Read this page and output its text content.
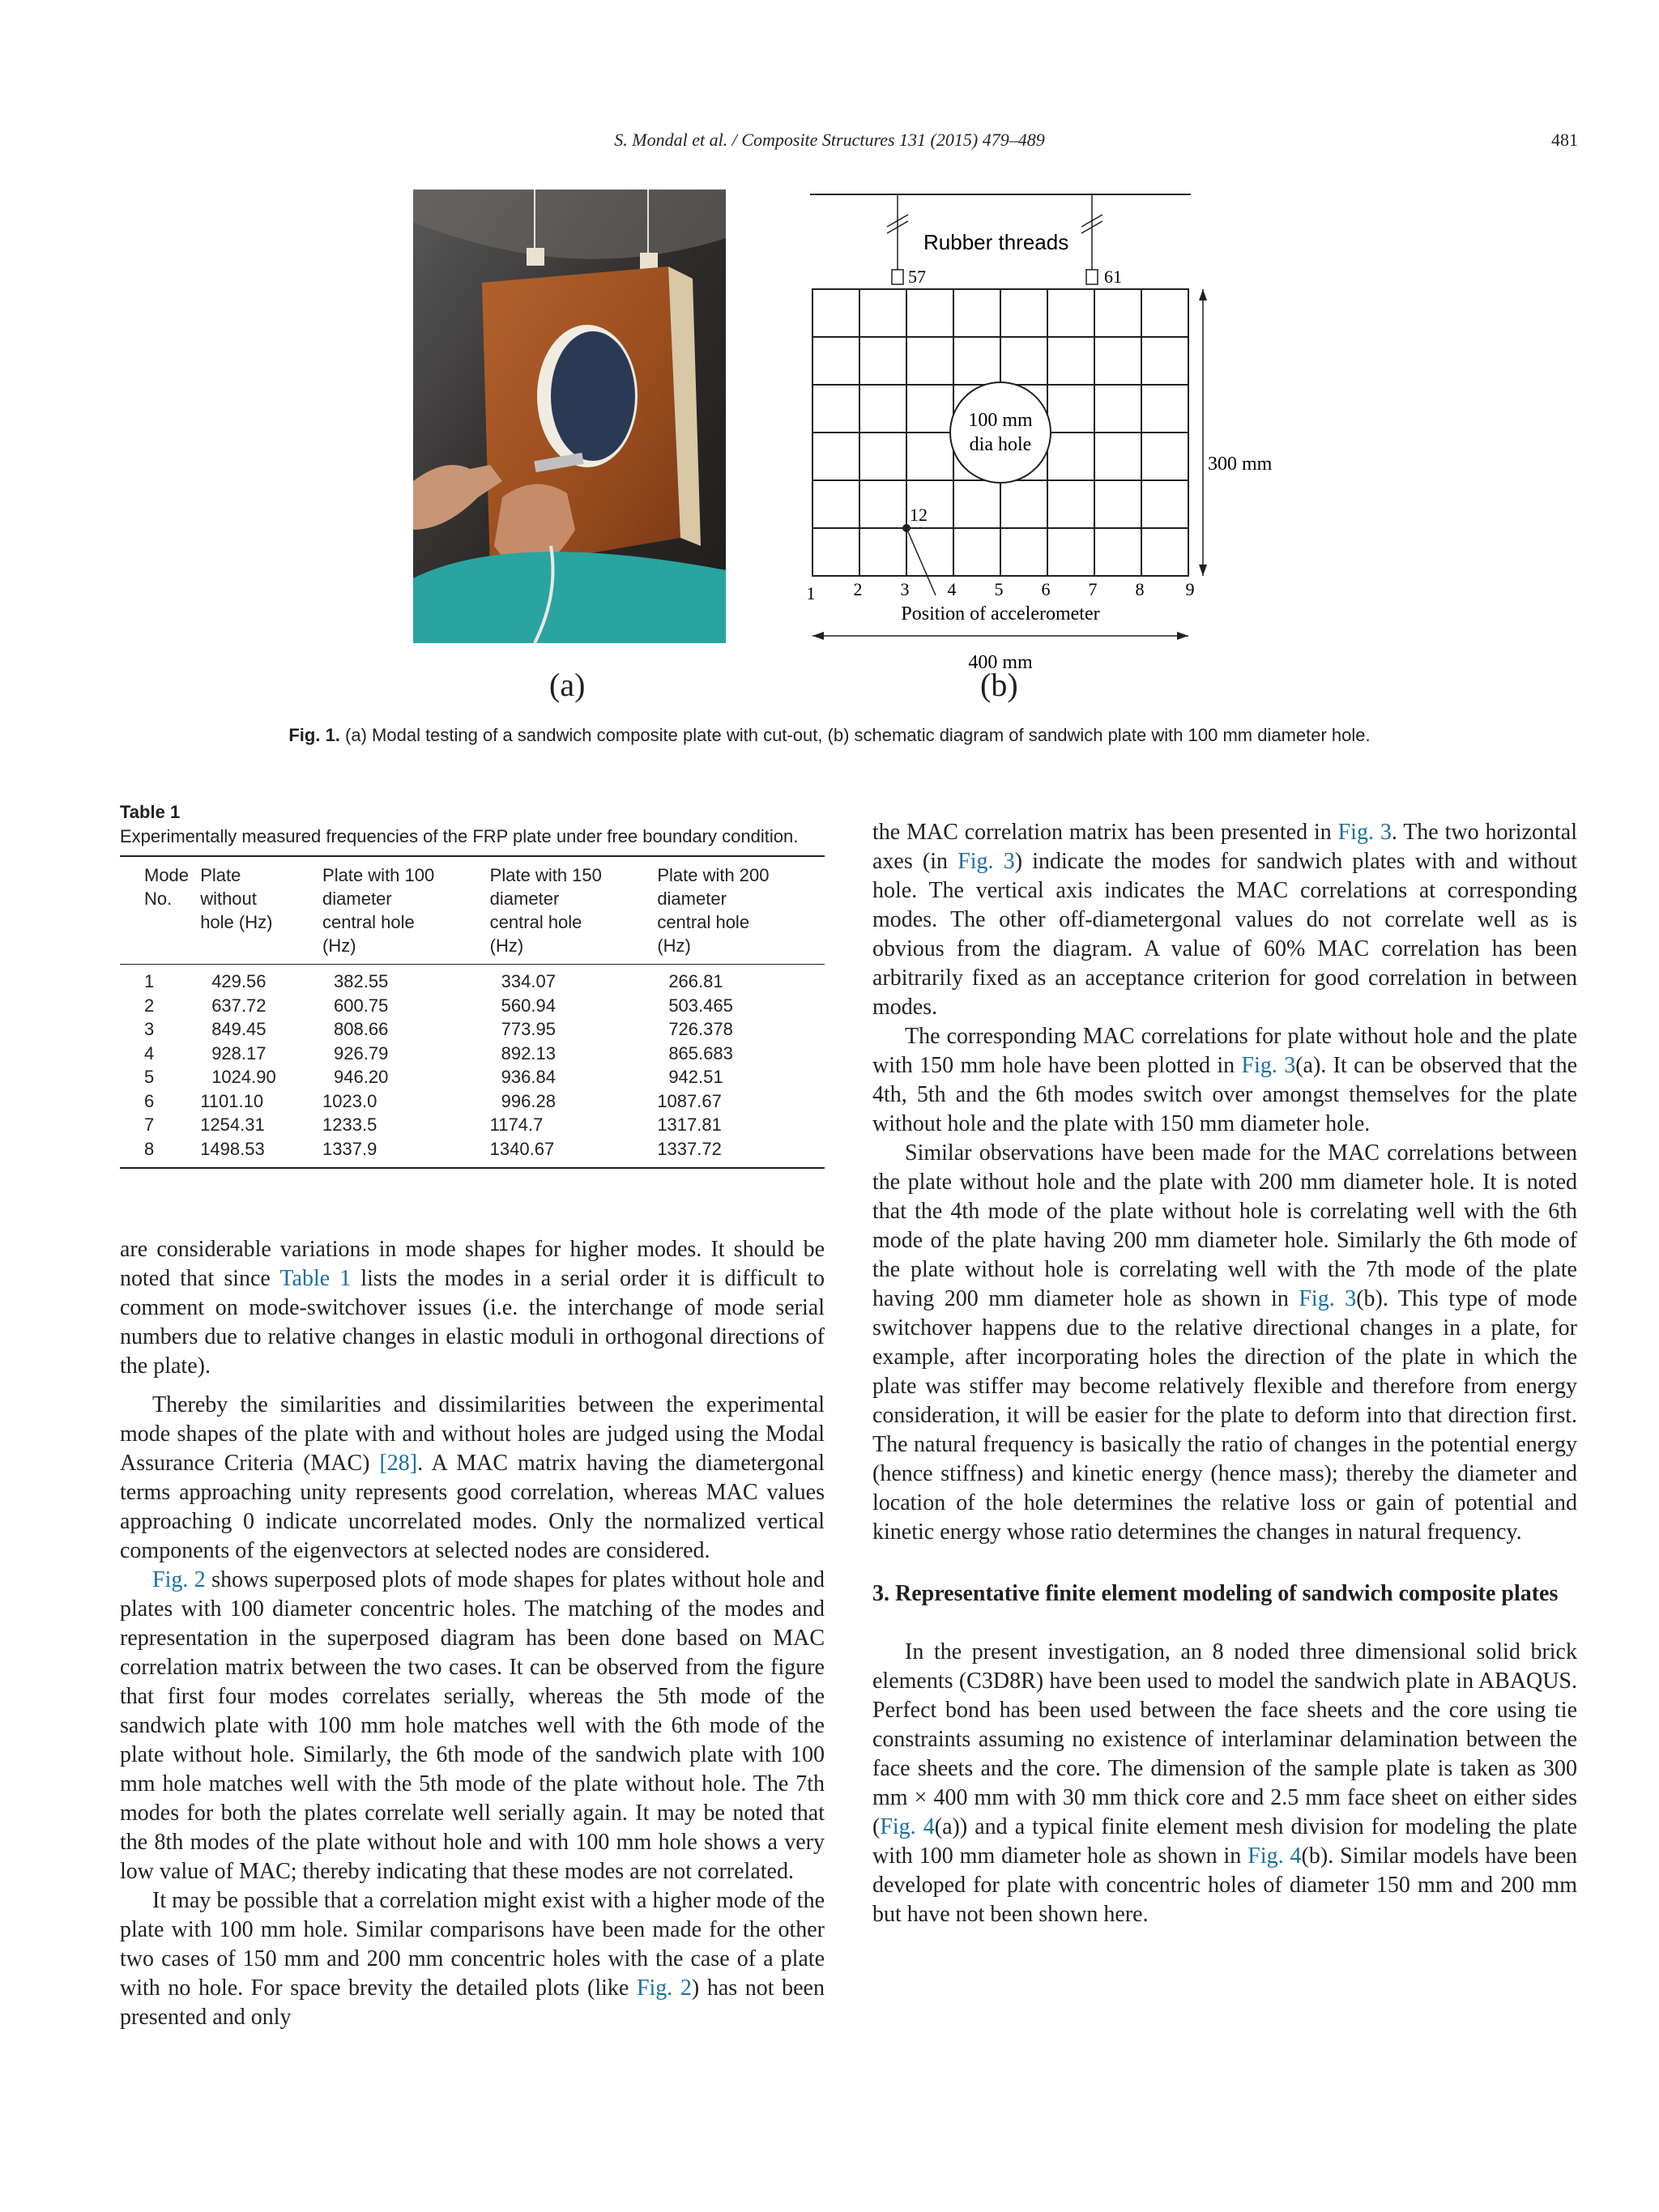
S. Mondal et al. / Composite Structures 131 (2015) 479–489	481
Rubber threads
57	61
100 mm
dia hole
12
1 2 3 4 5 6 7 8 9
Position of accelerometer
300 mm
400 mm
(a)	(b)
Fig. 1. (a) Modal testing of a sandwich composite plate with cut-out, (b) schematic diagram of sandwich plate with 100 mm diameter hole.
Table 1
Experimentally measured frequencies of the FRP plate under free boundary condition.
Mode
No.	Plate
without
hole (Hz)	Plate with 100
diameter
central hole
(Hz)	Plate with 150
diameter
central hole
(Hz)	Plate with 200
diameter
central hole
(Hz)
1	429.56	382.55	334.07	266.81
2	637.72	600.75	560.94	503.465
3	849.45	808.66	773.95	726.378
4	928.17	926.79	892.13	865.683
5	1024.90	946.20	936.84	942.51
6	1101.10	1023.0	996.28	1087.67
7	1254.31	1233.5	1174.7	1317.81
8	1498.53	1337.9	1340.67	1337.72

are considerable variations in mode shapes for higher modes. It should be noted that since Table 1 lists the modes in a serial order it is difficult to comment on mode-switchover issues (i.e. the interchange of mode serial numbers due to relative changes in elastic moduli in orthogonal directions of the plate).

Thereby the similarities and dissimilarities between the experimental mode shapes of the plate with and without holes are judged using the Modal Assurance Criteria (MAC) [28]. A MAC matrix having the diametergonal terms approaching unity represents good correlation, whereas MAC values approaching 0 indicate uncorrelated modes. Only the normalized vertical components of the eigenvectors at selected nodes are considered.

Fig. 2 shows superposed plots of mode shapes for plates without hole and plates with 100 diameter concentric holes. The matching of the modes and representation in the superposed diagram has been done based on MAC correlation matrix between the two cases. It can be observed from the figure that first four modes correlates serially, whereas the 5th mode of the sandwich plate with 100 mm hole matches well with the 6th mode of the plate without hole. Similarly, the 6th mode of the sandwich plate with 100 mm hole matches well with the 5th mode of the plate without hole. The 7th modes for both the plates correlate well serially again. It may be noted that the 8th modes of the plate without hole and with 100 mm hole shows a very low value of MAC; thereby indicating that these modes are not correlated.

It may be possible that a correlation might exist with a higher mode of the plate with 100 mm hole. Similar comparisons have been made for the other two cases of 150 mm and 200 mm concentric holes with the case of a plate with no hole. For space brevity the detailed plots (like Fig. 2) has not been presented and only

the MAC correlation matrix has been presented in Fig. 3. The two horizontal axes (in Fig. 3) indicate the modes for sandwich plates with and without hole. The vertical axis indicates the MAC correlations at corresponding modes. The other off-diametergonal values do not correlate well as is obvious from the diagram. A value of 60% MAC correlation has been arbitrarily fixed as an acceptance criterion for good correlation in between modes.

The corresponding MAC correlations for plate without hole and the plate with 150 mm hole have been plotted in Fig. 3(a). It can be observed that the 4th, 5th and the 6th modes switch over amongst themselves for the plate without hole and the plate with 150 mm diameter hole.

Similar observations have been made for the MAC correlations between the plate without hole and the plate with 200 mm diameter hole. It is noted that the 4th mode of the plate without hole is correlating well with the 6th mode of the plate having 200 mm diameter hole. Similarly the 6th mode of the plate without hole is correlating well with the 7th mode of the plate having 200 mm diameter hole as shown in Fig. 3(b). This type of mode switchover happens due to the relative directional changes in a plate, for example, after incorporating holes the direction of the plate in which the plate was stiffer may become relatively flexible and therefore from energy consideration, it will be easier for the plate to deform into that direction first. The natural frequency is basically the ratio of changes in the potential energy (hence stiffness) and kinetic energy (hence mass); thereby the diameter and location of the hole determines the relative loss or gain of potential and kinetic energy whose ratio determines the changes in natural frequency.

3. Representative finite element modeling of sandwich composite plates

In the present investigation, an 8 noded three dimensional solid brick elements (C3D8R) have been used to model the sandwich plate in ABAQUS. Perfect bond has been used between the face sheets and the core using tie constraints assuming no existence of interlaminar delamination between the face sheets and the core. The dimension of the sample plate is taken as 300 mm × 400 mm with 30 mm thick core and 2.5 mm face sheet on either sides (Fig. 4(a)) and a typical finite element mesh division for modeling the plate with 100 mm diameter hole as shown in Fig. 4(b). Similar models have been developed for plate with concentric holes of diameter 150 mm and 200 mm but have not been shown here.
